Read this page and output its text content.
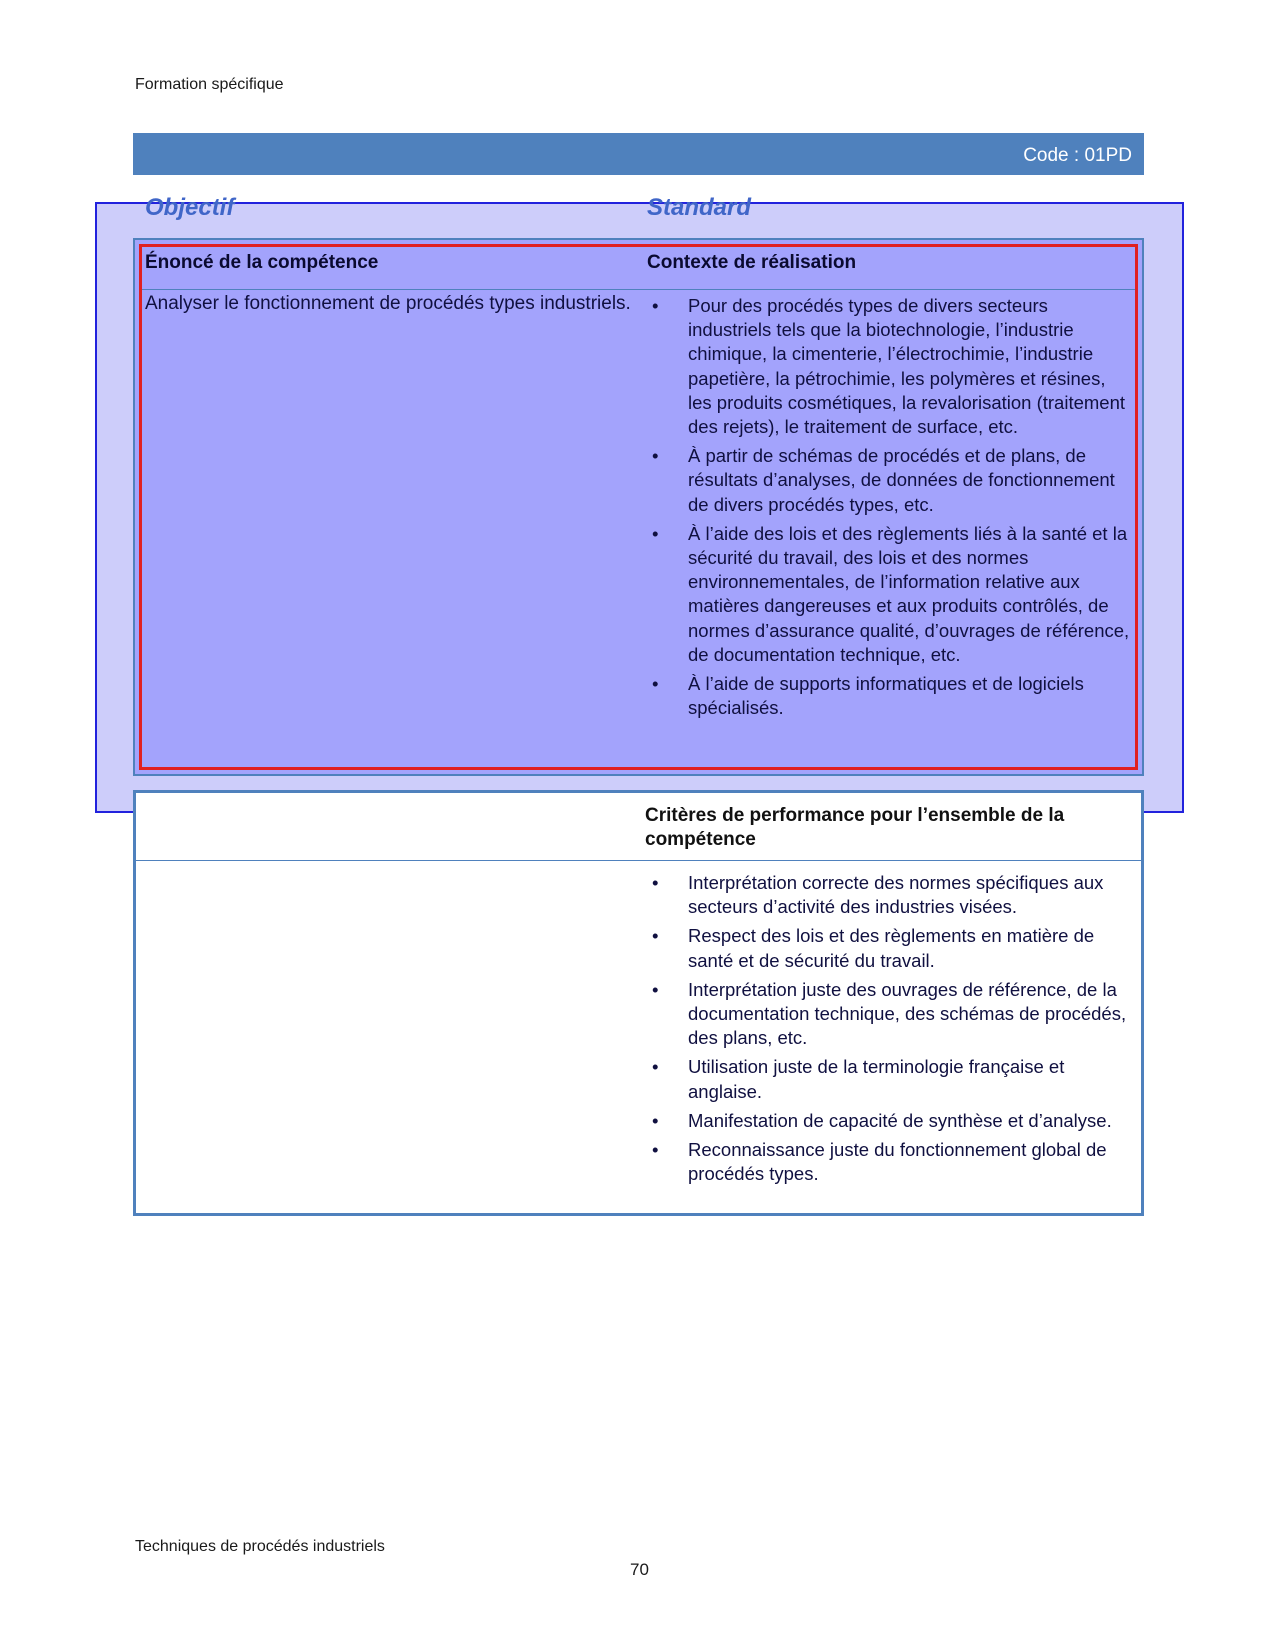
Formation spécifique
Code : 01PD
Objectif	Standard
Énoncé de la compétence	Contexte de réalisation
Analyser le fonctionnement de procédés types industriels.	• Pour des procédés types de divers secteurs industriels tels que la biotechnologie, l’industrie chimique, la cimenterie, l’électrochimie, l’industrie papetière, la pétrochimie, les polymères et résines, les produits cosmétiques, la revalorisation (traitement des rejets), le traitement de surface, etc.
• À partir de schémas de procédés et de plans, de résultats d’analyses, de données de fonctionnement de divers procédés types, etc.
• À l’aide des lois et des règlements liés à la santé et la sécurité du travail, des lois et des normes environnementales, de l’information relative aux matières dangereuses et aux produits contrôlés, de normes d’assurance qualité, d’ouvrages de référence, de documentation technique, etc.
• À l’aide de supports informatiques et de logiciels spécialisés.
Critères de performance pour l’ensemble de la compétence
• Interprétation correcte des normes spécifiques aux secteurs d’activité des industries visées.
• Respect des lois et des règlements en matière de santé et de sécurité du travail.
• Interprétation juste des ouvrages de référence, de la documentation technique, des schémas de procédés, des plans, etc.
• Utilisation juste de la terminologie française et anglaise.
• Manifestation de capacité de synthèse et d’analyse.
• Reconnaissance juste du fonctionnement global de procédés types.
Techniques de procédés industriels
70
